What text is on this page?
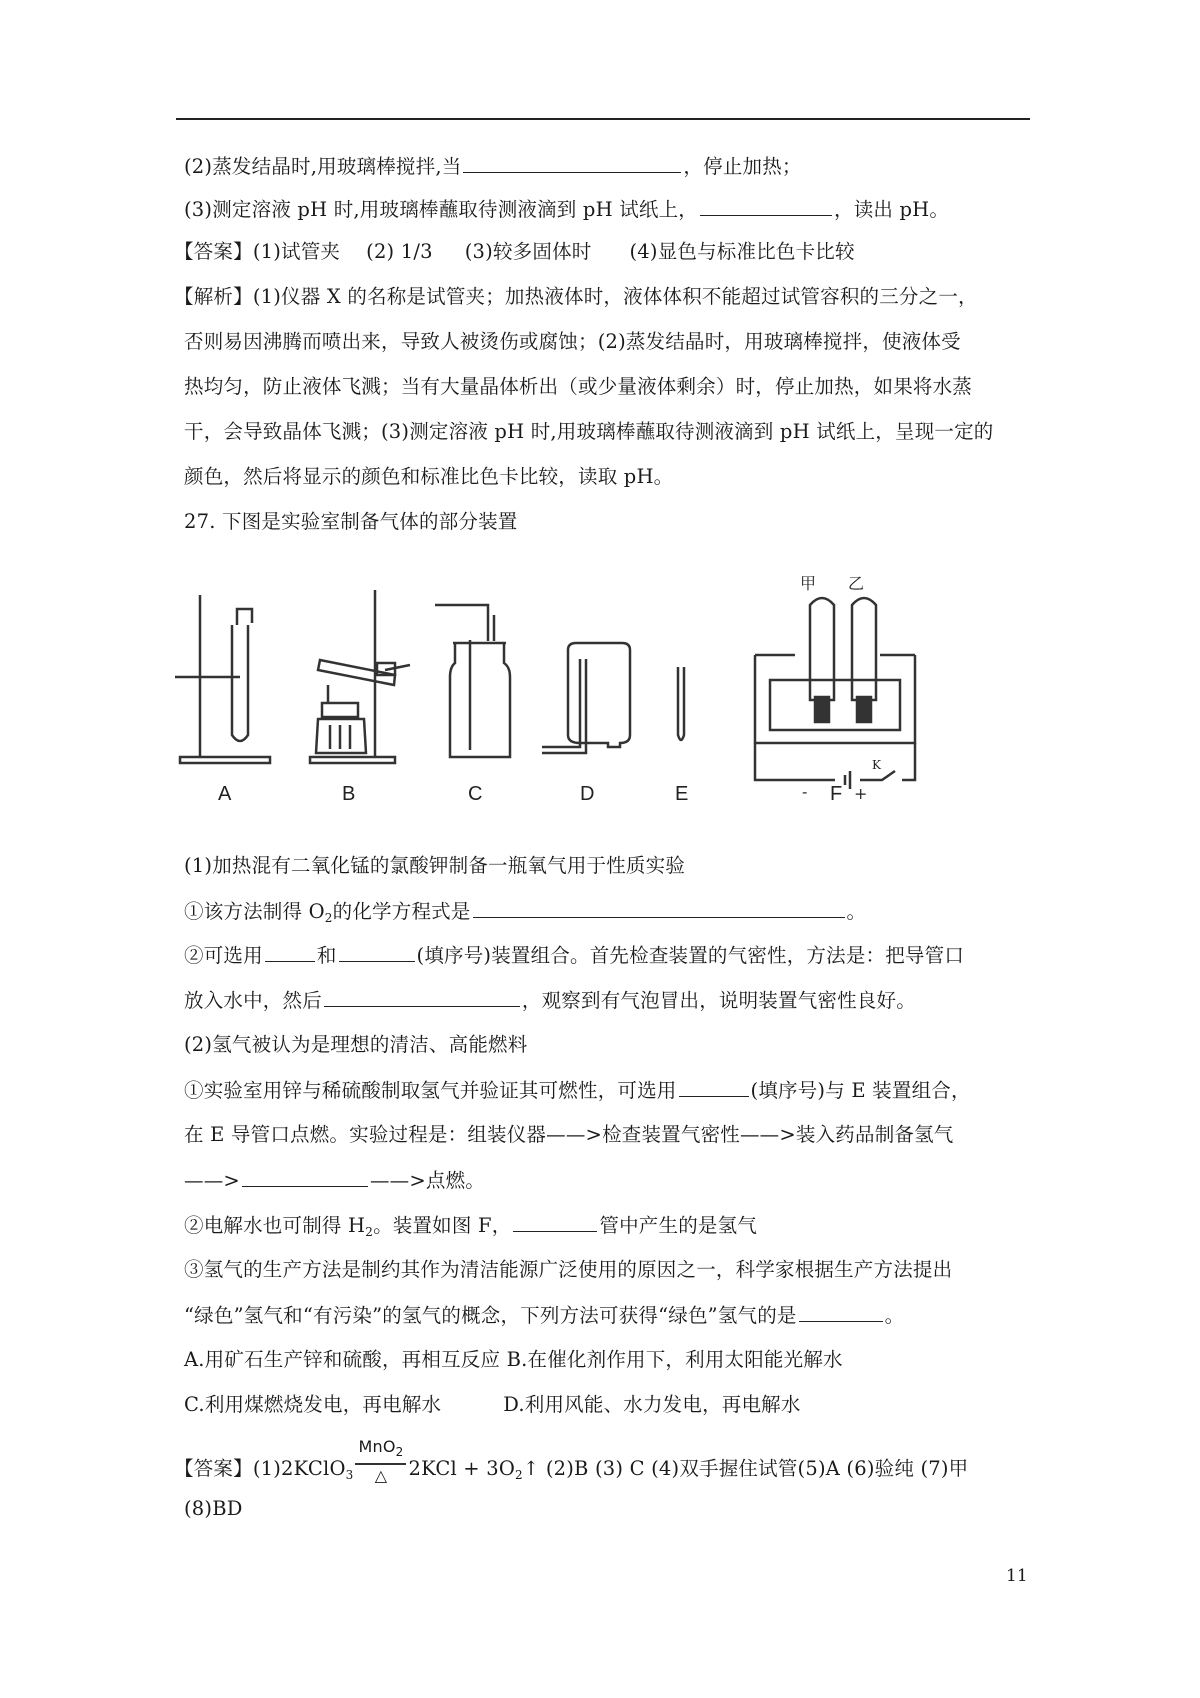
(2)蒸发结晶时,用玻璃棒搅拌,当	，停止加热；
(3)测定溶液 pH 时,用玻璃棒蘸取待测液滴到 pH 试纸上，	，读出 pH。
【答案】(1)试管夹 (2) 1/3 (3)较多固体时 (4)显色与标准比色卡比较
【解析】(1)仪器 X 的名称是试管夹；加热液体时，液体体积不能超过试管容积的三分之一，
否则易因沸腾而喷出来，导致人被烫伤或腐蚀；(2)蒸发结晶时，用玻璃棒搅拌，使液体受
热均匀，防止液体飞溅；当有大量晶体析出（或少量液体剩余）时，停止加热，如果将水蒸
干，会导致晶体飞溅；(3)测定溶液 pH 时,用玻璃棒蘸取待测液滴到 pH 试纸上，呈现一定的
颜色，然后将显示的颜色和标准比色卡比较，读取 pH。
27. 下图是实验室制备气体的部分装置
A	B	C	D	E	F
甲 乙
K
-	+
(1)加热混有二氧化锰的氯酸钾制备一瓶氧气用于性质实验
①该方法制得 $O_2$的化学方程式是	。
②可选用	和	(填序号)装置组合。首先检查装置的气密性，方法是：把导管口
放入水中，然后	，观察到有气泡冒出，说明装置气密性良好。
(2)氢气被认为是理想的清洁、高能燃料
①实验室用锌与稀硫酸制取氢气并验证其可燃性，可选用	(填序号)与 E 装置组合，
在 E 导管口点燃。实验过程是：组装仪器——>检查装置气密性——>装入药品制备氢气
——>	——>点燃。
②电解水也可制得 $H_2$。装置如图 F，	管中产生的是氢气
③氢气的生产方法是制约其作为清洁能源广泛使用的原因之一，科学家根据生产方法提出
“绿色”氢气和“有污染”的氢气的概念，下列方法可获得“绿色”氢气的是	。
A.用矿石生产锌和硫酸，再相互反应 B.在催化剂作用下，利用太阳能光解水
C.利用煤燃烧发电，再电解水	D.利用风能、水力发电，再电解水
【答案】(1)2KClO$_3$ $\frac{MnO_2}{\triangle} 2KCl$ + $3O_2↑$ (2)B (3) C (4)双手握住试管(5)A (6)验纯 (7)甲
(8)BD
11
